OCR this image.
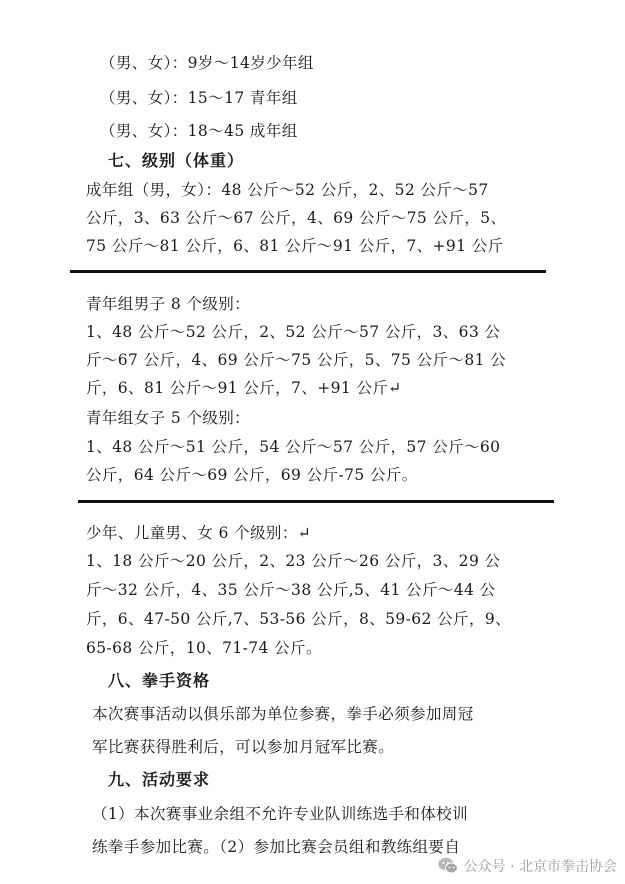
（男、女）：9岁～14岁少年组
（男、女）：15～17 青年组
（男、女）：18～45 成年组
七、级别（体重）
成年组（男，女）：48 公斤～52 公斤，2、52 公斤～57
公斤，3、63 公斤～67 公斤，4、69 公斤～75 公斤，5、
75 公斤～81 公斤，6、81 公斤～91 公斤，7、+91 公斤
青年组男子 8 个级别：
1、48 公斤～52 公斤，2、52 公斤～57 公斤，3、63 公
斤～67 公斤，4、69 公斤～75 公斤，5、75 公斤～81 公
斤，6、81 公斤～91 公斤，7、+91 公斤↵
青年组女子 5 个级别：
1、48 公斤～51 公斤，54 公斤～57 公斤，57 公斤～60
公斤，64 公斤～69 公斤，69 公斤-75 公斤。
少年、儿童男、女 6 个级别：↵
1、18 公斤～20 公斤，2、23 公斤～26 公斤，3、29 公
斤～32 公斤，4、35 公斤～38 公斤,5、41 公斤～44 公
斤，6、47-50 公斤,7、53-56 公斤，8、59-62 公斤，9、
65-68 公斤，10、71-74 公斤。
八、拳手资格
本次赛事活动以俱乐部为单位参赛，拳手必须参加周冠
军比赛获得胜利后，可以参加月冠军比赛。
九、活动要求
（1）本次赛事业余组不允许专业队训练选手和体校训
练拳手参加比赛。（2）参加比赛会员组和教练组要自
公众号 · 北京市拳击协会
